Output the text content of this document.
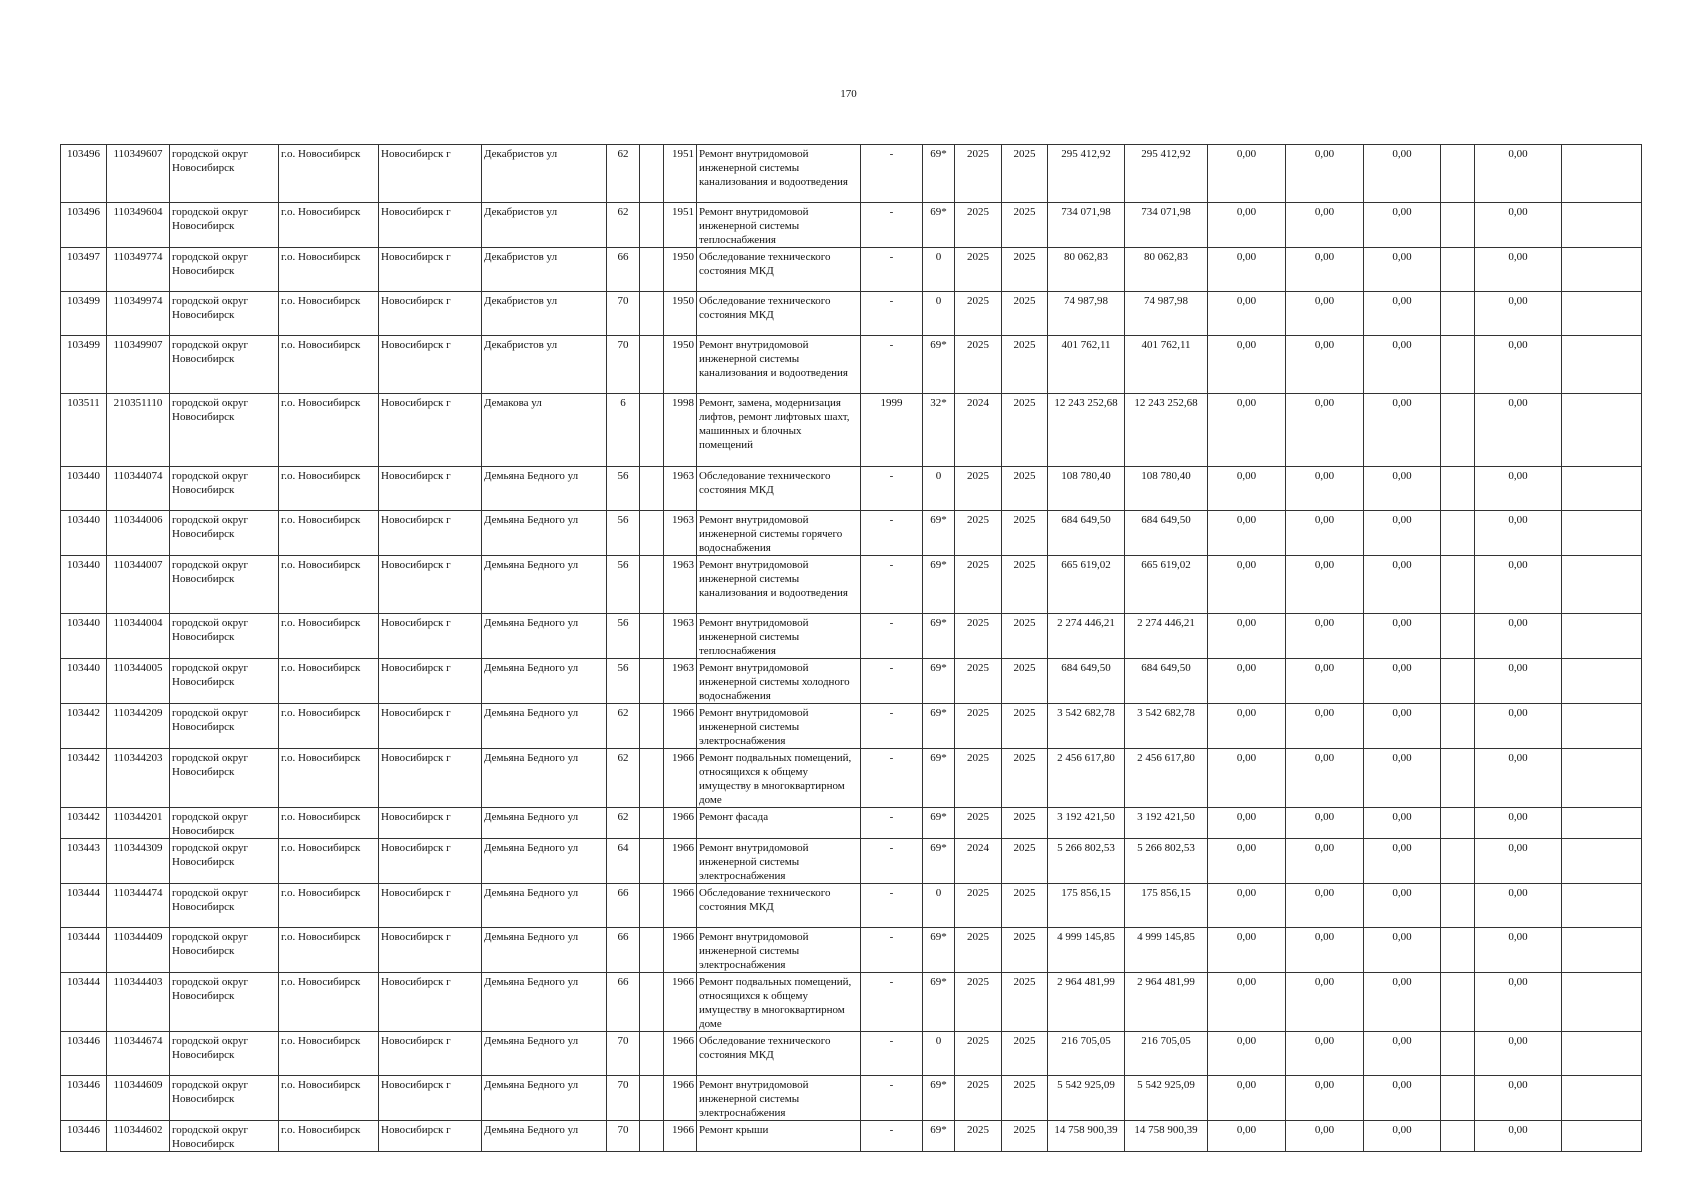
170
103496	110349607	городской округ Новосибирск	г.о. Новосибирск	Новосибирск г	Декабристов ул	62		1951	Ремонт внутридомовой инженерной системы канализования и водоотведения	-	69*	2025	2025	295 412,92	295 412,92	0,00	0,00	0,00		0,00	
103496	110349604	городской округ Новосибирск	г.о. Новосибирск	Новосибирск г	Декабристов ул	62		1951	Ремонт внутридомовой инженерной системы теплоснабжения	-	69*	2025	2025	734 071,98	734 071,98	0,00	0,00	0,00		0,00	
103497	110349774	городской округ Новосибирск	г.о. Новосибирск	Новосибирск г	Декабристов ул	66		1950	Обследование технического состояния МКД	-	0	2025	2025	80 062,83	80 062,83	0,00	0,00	0,00		0,00	
103499	110349974	городской округ Новосибирск	г.о. Новосибирск	Новосибирск г	Декабристов ул	70		1950	Обследование технического состояния МКД	-	0	2025	2025	74 987,98	74 987,98	0,00	0,00	0,00		0,00	
103499	110349907	городской округ Новосибирск	г.о. Новосибирск	Новосибирск г	Декабристов ул	70		1950	Ремонт внутридомовой инженерной системы канализования и водоотведения	-	69*	2025	2025	401 762,11	401 762,11	0,00	0,00	0,00		0,00	
103511	210351110	городской округ Новосибирск	г.о. Новосибирск	Новосибирск г	Демакова ул	6		1998	Ремонт, замена, модернизация лифтов, ремонт лифтовых шахт, машинных и блочных помещений	1999	32*	2024	2025	12 243 252,68	12 243 252,68	0,00	0,00	0,00		0,00	
103440	110344074	городской округ Новосибирск	г.о. Новосибирск	Новосибирск г	Демьяна Бедного ул	56		1963	Обследование технического состояния МКД	-	0	2025	2025	108 780,40	108 780,40	0,00	0,00	0,00		0,00	
103440	110344006	городской округ Новосибирск	г.о. Новосибирск	Новосибирск г	Демьяна Бедного ул	56		1963	Ремонт внутридомовой инженерной системы горячего водоснабжения	-	69*	2025	2025	684 649,50	684 649,50	0,00	0,00	0,00		0,00	
103440	110344007	городской округ Новосибирск	г.о. Новосибирск	Новосибирск г	Демьяна Бедного ул	56		1963	Ремонт внутридомовой инженерной системы канализования и водоотведения	-	69*	2025	2025	665 619,02	665 619,02	0,00	0,00	0,00		0,00	
103440	110344004	городской округ Новосибирск	г.о. Новосибирск	Новосибирск г	Демьяна Бедного ул	56		1963	Ремонт внутридомовой инженерной системы теплоснабжения	-	69*	2025	2025	2 274 446,21	2 274 446,21	0,00	0,00	0,00		0,00	
103440	110344005	городской округ Новосибирск	г.о. Новосибирск	Новосибирск г	Демьяна Бедного ул	56		1963	Ремонт внутридомовой инженерной системы холодного водоснабжения	-	69*	2025	2025	684 649,50	684 649,50	0,00	0,00	0,00		0,00	
103442	110344209	городской округ Новосибирск	г.о. Новосибирск	Новосибирск г	Демьяна Бедного ул	62		1966	Ремонт внутридомовой инженерной системы электроснабжения	-	69*	2025	2025	3 542 682,78	3 542 682,78	0,00	0,00	0,00		0,00	
103442	110344203	городской округ Новосибирск	г.о. Новосибирск	Новосибирск г	Демьяна Бедного ул	62		1966	Ремонт подвальных помещений, относящихся к общему имуществу в многоквартирном доме	-	69*	2025	2025	2 456 617,80	2 456 617,80	0,00	0,00	0,00		0,00	
103442	110344201	городской округ Новосибирск	г.о. Новосибирск	Новосибирск г	Демьяна Бедного ул	62		1966	Ремонт фасада	-	69*	2025	2025	3 192 421,50	3 192 421,50	0,00	0,00	0,00		0,00	
103443	110344309	городской округ Новосибирск	г.о. Новосибирск	Новосибирск г	Демьяна Бедного ул	64		1966	Ремонт внутридомовой инженерной системы электроснабжения	-	69*	2024	2025	5 266 802,53	5 266 802,53	0,00	0,00	0,00		0,00	
103444	110344474	городской округ Новосибирск	г.о. Новосибирск	Новосибирск г	Демьяна Бедного ул	66		1966	Обследование технического состояния МКД	-	0	2025	2025	175 856,15	175 856,15	0,00	0,00	0,00		0,00	
103444	110344409	городской округ Новосибирск	г.о. Новосибирск	Новосибирск г	Демьяна Бедного ул	66		1966	Ремонт внутридомовой инженерной системы электроснабжения	-	69*	2025	2025	4 999 145,85	4 999 145,85	0,00	0,00	0,00		0,00	
103444	110344403	городской округ Новосибирск	г.о. Новосибирск	Новосибирск г	Демьяна Бедного ул	66		1966	Ремонт подвальных помещений, относящихся к общему имуществу в многоквартирном доме	-	69*	2025	2025	2 964 481,99	2 964 481,99	0,00	0,00	0,00		0,00	
103446	110344674	городской округ Новосибирск	г.о. Новосибирск	Новосибирск г	Демьяна Бедного ул	70		1966	Обследование технического состояния МКД	-	0	2025	2025	216 705,05	216 705,05	0,00	0,00	0,00		0,00	
103446	110344609	городской округ Новосибирск	г.о. Новосибирск	Новосибирск г	Демьяна Бедного ул	70		1966	Ремонт внутридомовой инженерной системы электроснабжения	-	69*	2025	2025	5 542 925,09	5 542 925,09	0,00	0,00	0,00		0,00	
103446	110344602	городской округ Новосибирск	г.о. Новосибирск	Новосибирск г	Демьяна Бедного ул	70		1966	Ремонт крыши	-	69*	2025	2025	14 758 900,39	14 758 900,39	0,00	0,00	0,00		0,00	
